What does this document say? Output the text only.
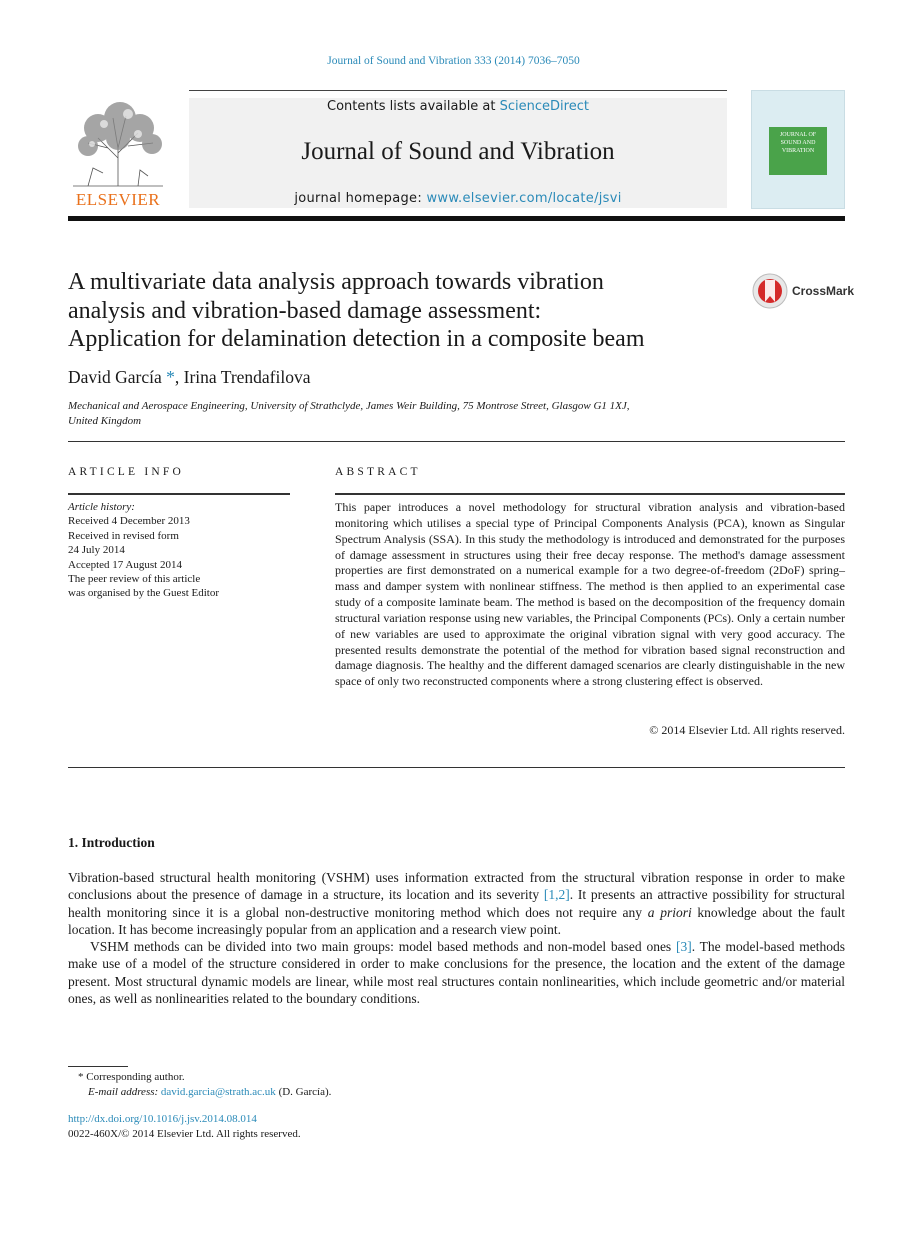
Journal of Sound and Vibration 333 (2014) 7036–7050
ELSEVIER
Contents lists available at ScienceDirect
Journal of Sound and Vibration
journal homepage: www.elsevier.com/locate/jsvi
JOURNAL OF SOUND AND VIBRATION
A multivariate data analysis approach towards vibration
analysis and vibration-based damage assessment:
Application for delamination detection in a composite beam
CrossMark
David García *, Irina Trendafilova
Mechanical and Aerospace Engineering, University of Strathclyde, James Weir Building, 75 Montrose Street, Glasgow G1 1XJ,
United Kingdom
ARTICLE INFO
Article history:
Received 4 December 2013
Received in revised form
24 July 2014
Accepted 17 August 2014
The peer review of this article
was organised by the Guest Editor
ABSTRACT
This paper introduces a novel methodology for structural vibration analysis and vibration-based monitoring which utilises a special type of Principal Components Analysis (PCA), known as Singular Spectrum Analysis (SSA). In this study the methodology is introduced and demonstrated for the purposes of damage assessment in structures using their free decay response. The method's damage assessment properties are first demonstrated on a numerical example for a two degree-of-freedom (2DoF) spring–mass and damper system with nonlinear stiffness. The method is then applied to an experimental case study of a composite laminate beam. The method is based on the decomposition of the frequency domain structural variation response using new variables, the Principal Components (PCs). Only a certain number of new variables are used to approximate the original vibration signal with very good accuracy. The presented results demonstrate the potential of the method for vibration based signal reconstruction and damage diagnosis. The healthy and the different damaged scenarios are clearly distinguishable in the new space of only two reconstructed components where a strong clustering effect is observed.
© 2014 Elsevier Ltd. All rights reserved.
1. Introduction

Vibration-based structural health monitoring (VSHM) uses information extracted from the structural vibration response in order to make conclusions about the presence of damage in a structure, its location and its severity [1,2]. It presents an attractive possibility for structural health monitoring since it is a global non-destructive monitoring method which does not require any a priori knowledge about the fault location. It has become increasingly popular from an application and a research view point.

VSHM methods can be divided into two main groups: model based methods and non-model based ones [3]. The model-based methods make use of a model of the structure considered in order to make conclusions for the presence, the location and the extent of the damage present. Most structural dynamic models are linear, while most real structures contain nonlinearities, which include geometric and/or material ones, as well as nonlinearities related to the boundary conditions.

* Corresponding author.
E-mail address: david.garcia@strath.ac.uk (D. García).
http://dx.doi.org/10.1016/j.jsv.2014.08.014
0022-460X/© 2014 Elsevier Ltd. All rights reserved.
